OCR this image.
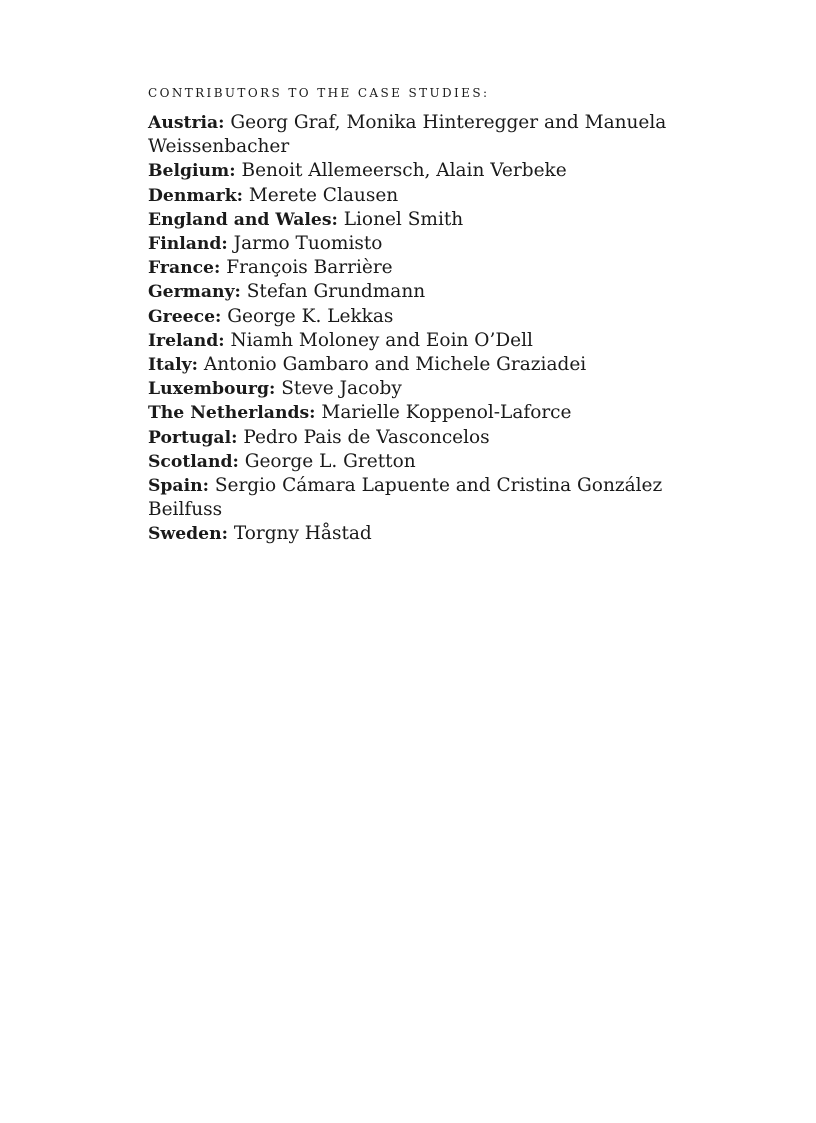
CONTRIBUTORS TO THE CASE STUDIES:
Austria: Georg Graf, Monika Hinteregger and Manuela Weissenbacher
Belgium: Benoit Allemeersch, Alain Verbeke
Denmark: Merete Clausen
England and Wales: Lionel Smith
Finland: Jarmo Tuomisto
France: François Barrière
Germany: Stefan Grundmann
Greece: George K. Lekkas
Ireland: Niamh Moloney and Eoin O’Dell
Italy: Antonio Gambaro and Michele Graziadei
Luxembourg: Steve Jacoby
The Netherlands: Marielle Koppenol-Laforce
Portugal: Pedro Pais de Vasconcelos
Scotland: George L. Gretton
Spain: Sergio Cámara Lapuente and Cristina González Beilfuss
Sweden: Torgny Håstad
